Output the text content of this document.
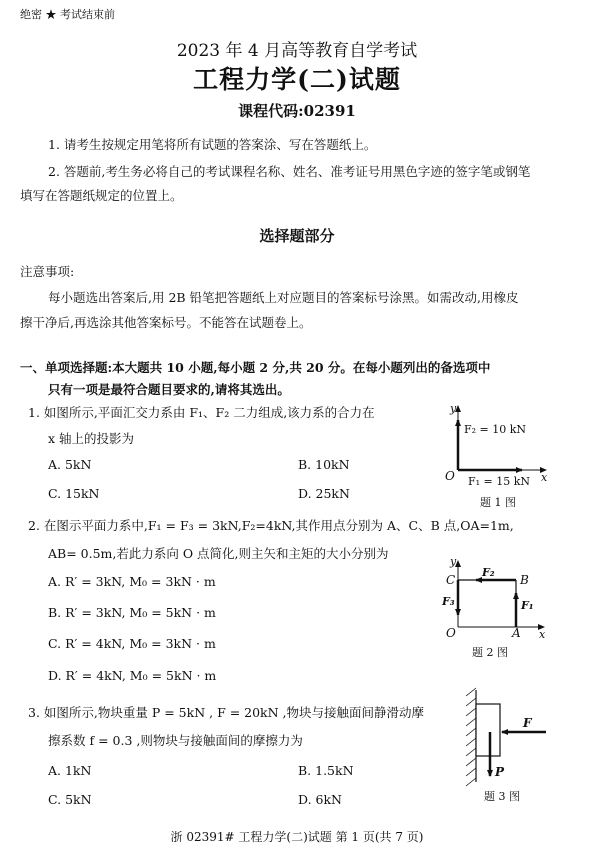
绝密 ★ 考试结束前
2023 年 4 月高等教育自学考试
工程力学(二)试题
课程代码:02391
1. 请考生按规定用笔将所有试题的答案涂、写在答题纸上。
2. 答题前,考生务必将自己的考试课程名称、姓名、准考证号用黑色字迹的签字笔或钢笔
填写在答题纸规定的位置上。
选择题部分
注意事项:
每小题选出答案后,用 2B 铅笔把答题纸上对应题目的答案标号涂黑。如需改动,用橡皮
擦干净后,再选涂其他答案标号。不能答在试题卷上。
一、单项选择题:本大题共 10 小题,每小题 2 分,共 20 分。在每小题列出的备选项中
只有一项是最符合题目要求的,请将其选出。
1. 如图所示,平面汇交力系由 F₁、F₂ 二力组成,该力系的合力在
x 轴上的投影为
A. 5kN	B. 10kN
C. 15kN	D. 25kN
y
x
O
F₂ = 10 kN
F₁ = 15 kN
题 1 图
2. 在图示平面力系中,F₁ = F₃ = 3kN,F₂=4kN,其作用点分别为 A、C、B 点,OA=1m,
AB= 0.5m,若此力系向 O 点简化,则主矢和主矩的大小分别为
A. R′ = 3kN, M₀ = 3kN · m
B. R′ = 3kN, M₀ = 5kN · m
C. R′ = 4kN, M₀ = 3kN · m
D. R′ = 4kN, M₀ = 5kN · m
y
x
O	A
B
C
F₂
F₃	F₁
题 2 图
3. 如图所示,物块重量 P = 5kN , F = 20kN ,物块与接触面间静滑动摩
擦系数 f = 0.3 ,则物块与接触面间的摩擦力为
A. 1kN	B. 1.5kN
C. 5kN	D. 6kN
F
P
题 3 图
浙 02391# 工程力学(二)试题 第 1 页(共 7 页)
